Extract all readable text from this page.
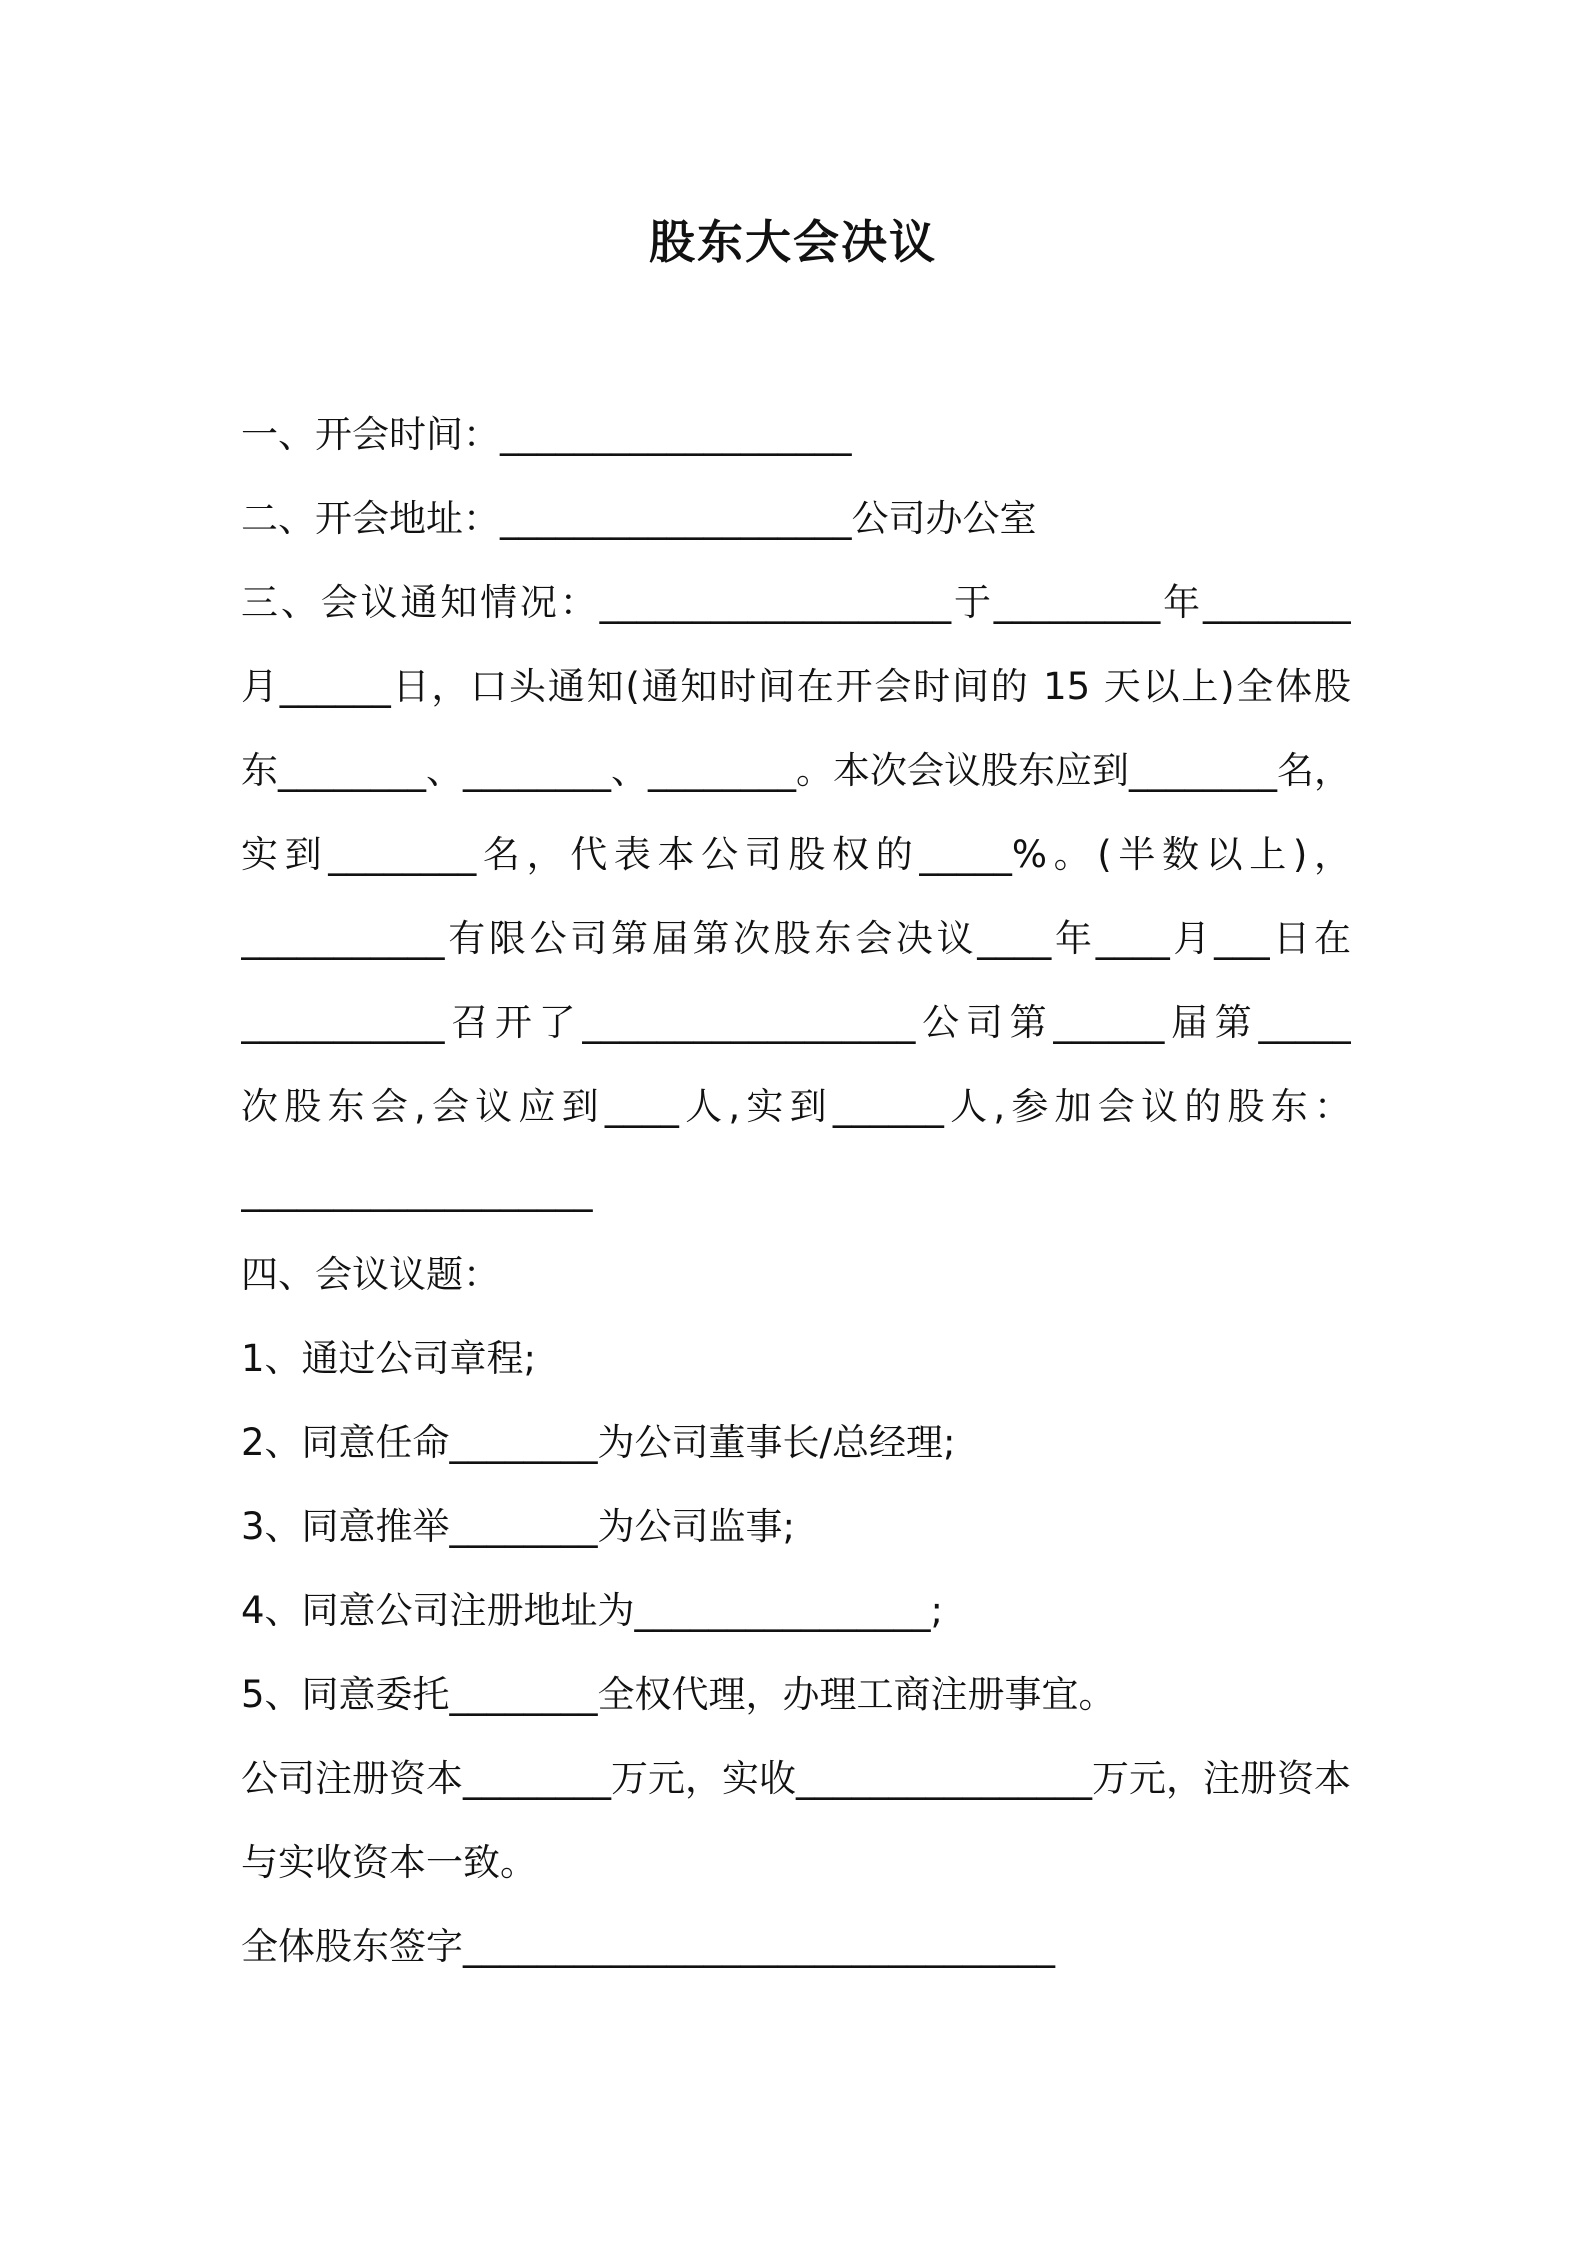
股东大会决议
一、开会时间：___________________
二、开会地址：___________________公司办公室
三、会议通知情况：___________________于_________年________
月______日，口头通知(通知时间在开会时间的 15 天以上)全体股
东________、________、________。本次会议股东应到________名，
实到________名，代表本公司股权的_____%。(半数以上)，
___________有限公司第届第次股东会决议____年____月___日在
___________召开了__________________公司第______届第_____
次股东会,会议应到____人,实到______人,参加会议的股东：
___________________
四、会议议题：
1、通过公司章程;
2、同意任命________为公司董事长/总经理;
3、同意推举________为公司监事;
4、同意公司注册地址为________________;
5、同意委托________全权代理，办理工商注册事宜。
公司注册资本________万元，实收________________万元，注册资本
与实收资本一致。
全体股东签字________________________________
